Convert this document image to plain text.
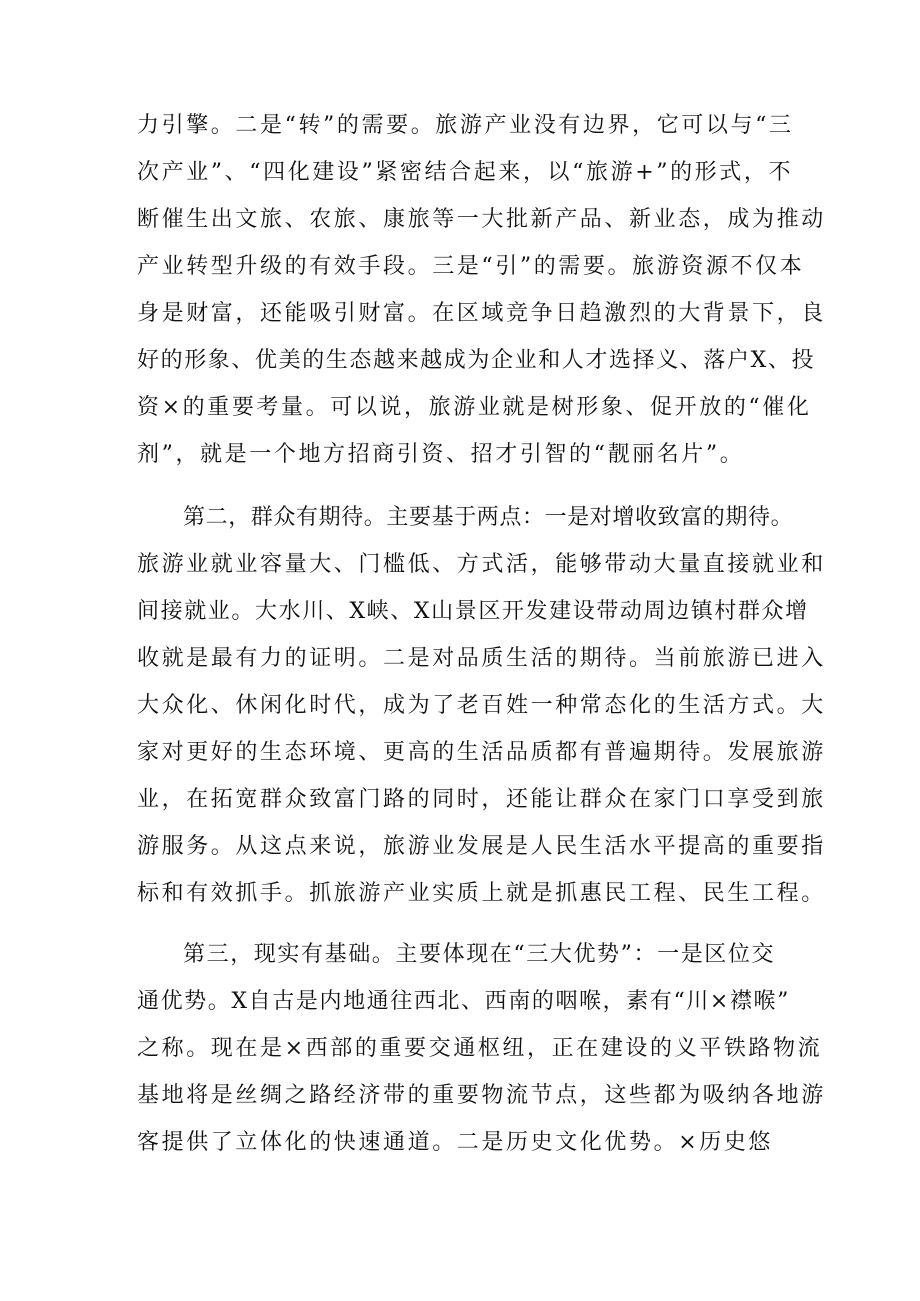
力引擎。二是“转”的需要。旅游产业没有边界，它可以与“三
次产业”、“四化建设”紧密结合起来，以“旅游+”的形式，不
断催生出文旅、农旅、康旅等一大批新产品、新业态，成为推动
产业转型升级的有效手段。三是“引”的需要。旅游资源不仅本
身是财富，还能吸引财富。在区域竞争日趋激烈的大背景下，良
好的形象、优美的生态越来越成为企业和人才选择义、落户X、投
资×的重要考量。可以说，旅游业就是树形象、促开放的“催化
剂”，就是一个地方招商引资、招才引智的“靓丽名片”。
第二，群众有期待。主要基于两点：一是对增收致富的期待。
旅游业就业容量大、门槛低、方式活，能够带动大量直接就业和
间接就业。大水川、X峡、X山景区开发建设带动周边镇村群众增
收就是最有力的证明。二是对品质生活的期待。当前旅游已进入
大众化、休闲化时代，成为了老百姓一种常态化的生活方式。大
家对更好的生态环境、更高的生活品质都有普遍期待。发展旅游
业，在拓宽群众致富门路的同时，还能让群众在家门口享受到旅
游服务。从这点来说，旅游业发展是人民生活水平提高的重要指
标和有效抓手。抓旅游产业实质上就是抓惠民工程、民生工程。
第三，现实有基础。主要体现在“三大优势”：一是区位交
通优势。X自古是内地通往西北、西南的咽喉，素有“川×襟喉”
之称。现在是×西部的重要交通枢纽，正在建设的义平铁路物流
基地将是丝绸之路经济带的重要物流节点，这些都为吸纳各地游
客提供了立体化的快速通道。二是历史文化优势。×历史悠
